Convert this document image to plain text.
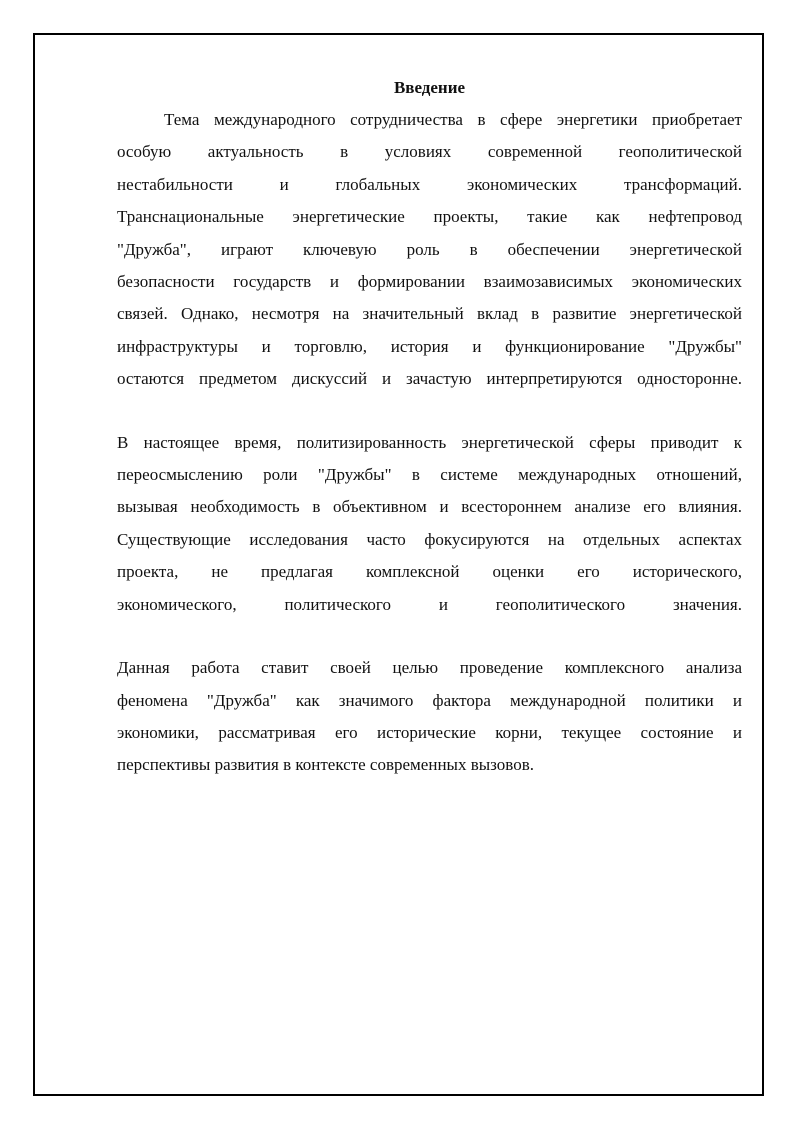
Введение

Тема международного сотрудничества в сфере энергетики приобретает

особую актуальность в условиях современной геополитической

нестабильности и глобальных экономических трансформаций.

Транснациональные энергетические проекты, такие как нефтепровод

"Дружба", играют ключевую роль в обеспечении энергетической

безопасности государств и формировании взаимозависимых экономических

связей. Однако, несмотря на значительный вклад в развитие энергетической

инфраструктуры и торговлю, история и функционирование "Дружбы"

остаются предметом дискуссий и зачастую интерпретируются односторонне.

В настоящее время, политизированность энергетической сферы приводит к

переосмыслению роли "Дружбы" в системе международных отношений,

вызывая необходимость в объективном и всестороннем анализе его влияния.

Существующие исследования часто фокусируются на отдельных аспектах

проекта, не предлагая комплексной оценки его исторического,

экономического, политического и геополитического значения.

Данная работа ставит своей целью проведение комплексного анализа

феномена "Дружба" как значимого фактора международной политики и

экономики, рассматривая его исторические корни, текущее состояние и

перспективы развития в контексте современных вызовов.
